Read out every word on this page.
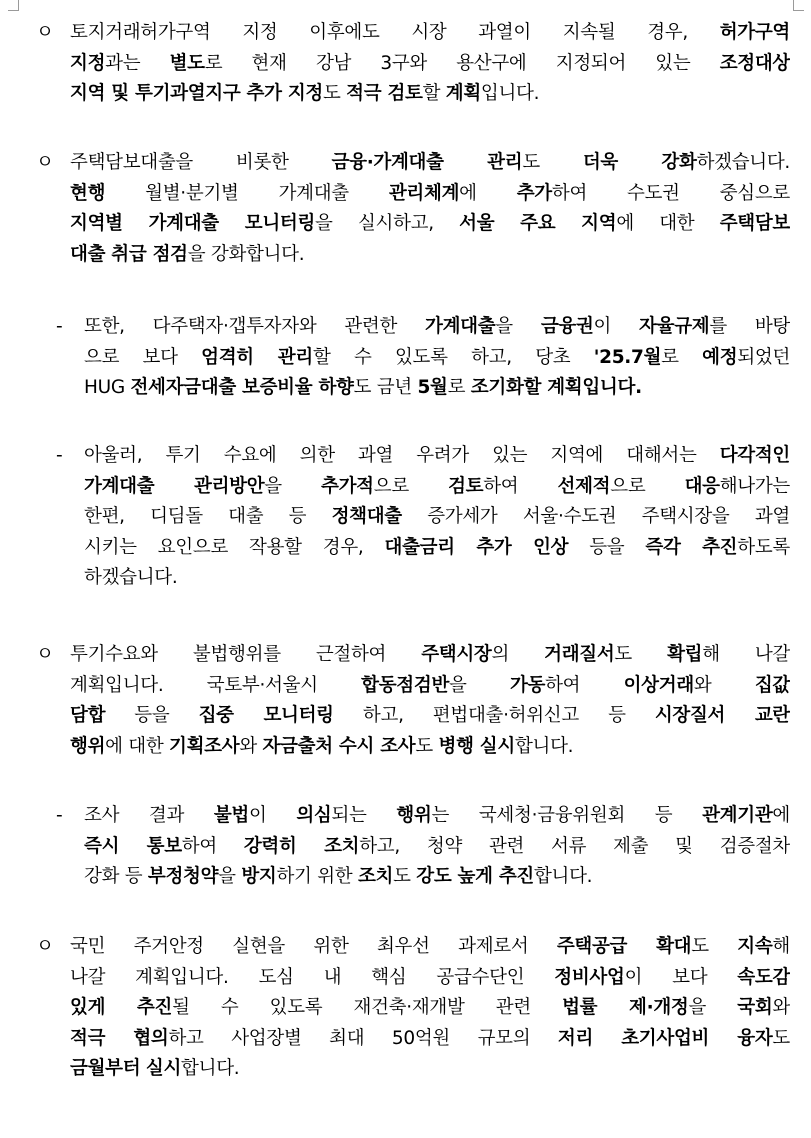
ㅇ 토지거래허가구역 지정 이후에도 시장 과열이 지속될 경우, 허가구역
지정과는 별도로 현재 강남 3구와 용산구에 지정되어 있는 조정대상
지역 및 투기과열지구 추가 지정도 적극 검토할 계획입니다.
ㅇ 주택담보대출을 비롯한 금융·가계대출 관리도 더욱 강화하겠습니다.
현행 월별·분기별 가계대출 관리체계에 추가하여 수도권 중심으로
지역별 가계대출 모니터링을 실시하고, 서울 주요 지역에 대한 주택담보
대출 취급 점검을 강화합니다.
- 또한, 다주택자·갭투자자와 관련한 가계대출을 금융권이 자율규제를 바탕
으로 보다 엄격히 관리할 수 있도록 하고, 당초 '25.7월로 예정되었던
HUG 전세자금대출 보증비율 하향도 금년 5월로 조기화할 계획입니다.
- 아울러, 투기 수요에 의한 과열 우려가 있는 지역에 대해서는 다각적인
가계대출 관리방안을 추가적으로 검토하여 선제적으로 대응해나가는
한편, 디딤돌 대출 등 정책대출 증가세가 서울·수도권 주택시장을 과열
시키는 요인으로 작용할 경우, 대출금리 추가 인상 등을 즉각 추진하도록
하겠습니다.
ㅇ 투기수요와 불법행위를 근절하여 주택시장의 거래질서도 확립해 나갈
계획입니다. 국토부·서울시 합동점검반을 가동하여 이상거래와 집값
담합 등을 집중 모니터링 하고, 편법대출·허위신고 등 시장질서 교란
행위에 대한 기획조사와 자금출처 수시 조사도 병행 실시합니다.
- 조사 결과 불법이 의심되는 행위는 국세청·금융위원회 등 관계기관에
즉시 통보하여 강력히 조치하고, 청약 관련 서류 제출 및 검증절차
강화 등 부정청약을 방지하기 위한 조치도 강도 높게 추진합니다.
ㅇ 국민 주거안정 실현을 위한 최우선 과제로서 주택공급 확대도 지속해
나갈 계획입니다. 도심 내 핵심 공급수단인 정비사업이 보다 속도감
있게 추진될 수 있도록 재건축·재개발 관련 법률 제·개정을 국회와
적극 협의하고 사업장별 최대 50억원 규모의 저리 초기사업비 융자도
금월부터 실시합니다.
